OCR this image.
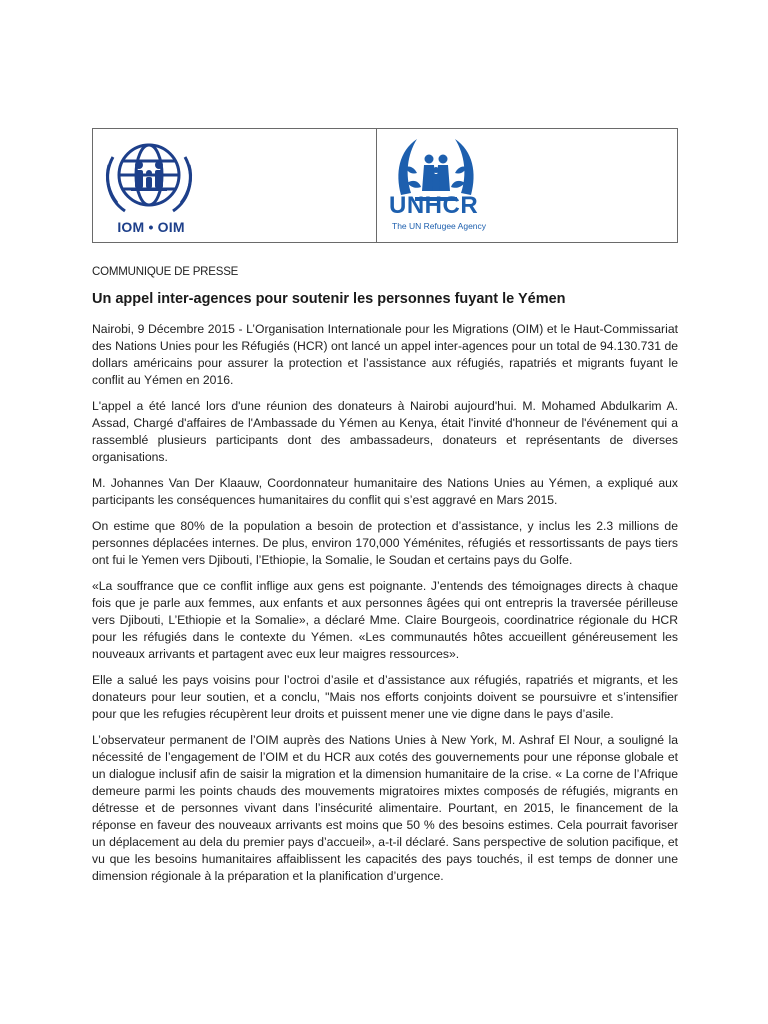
IOM • OIM
UNHCR
The UN Refugee Agency
COMMUNIQUE DE PRESSE
Un appel inter-agences pour soutenir les personnes fuyant le Yémen

Nairobi, 9 Décembre 2015 - L’Organisation Internationale pour les Migrations (OIM) et le Haut-Commissariat des Nations Unies pour les Réfugiés (HCR) ont lancé un appel inter-agences pour un total de 94.130.731 de dollars américains pour assurer la protection et l’assistance aux réfugiés, rapatriés et migrants fuyant le conflit au Yémen en 2016.

L'appel a été lancé lors d'une réunion des donateurs à Nairobi aujourd'hui. M. Mohamed Abdulkarim A. Assad, Chargé d'affaires de l'Ambassade du Yémen au Kenya, était l'invité d'honneur de l'événement qui a rassemblé plusieurs participants dont des ambassadeurs, donateurs et représentants de diverses organisations.

M. Johannes Van Der Klaauw, Coordonnateur humanitaire des Nations Unies au Yémen, a expliqué aux participants les conséquences humanitaires du conflit qui s’est aggravé en Mars 2015.

On estime que 80% de la population a besoin de protection et d’assistance, y inclus les 2.3 millions de personnes déplacées internes. De plus, environ 170,000 Yéménites, réfugiés et ressortissants de pays tiers ont fui le Yemen vers Djibouti, l’Ethiopie, la Somalie, le Soudan et certains pays du Golfe.

«La souffrance que ce conflit inflige aux gens est poignante. J’entends des témoignages directs à chaque fois que je parle aux femmes, aux enfants et aux personnes âgées qui ont entrepris la traversée périlleuse vers Djibouti, L’Ethiopie et la Somalie», a déclaré Mme. Claire Bourgeois, coordinatrice régionale du HCR pour les réfugiés dans le contexte du Yémen. «Les communautés hôtes accueillent généreusement les nouveaux arrivants et partagent avec eux leur maigres ressources».

Elle a salué les pays voisins pour l’octroi d’asile et d’assistance aux réfugiés, rapatriés et migrants, et les donateurs pour leur soutien, et a conclu, "Mais nos efforts conjoints doivent se poursuivre et s’intensifier pour que les refugies récupèrent leur droits et puissent mener une vie digne dans le pays d’asile.

L’observateur permanent de l’OIM auprès des Nations Unies à New York, M. Ashraf El Nour, a souligné la nécessité de l’engagement de l’OIM et du HCR aux cotés des gouvernements pour une réponse globale et un dialogue inclusif afin de saisir la migration et la dimension humanitaire de la crise. « La corne de l’Afrique demeure parmi les points chauds des mouvements migratoires mixtes composés de réfugiés, migrants en détresse et de personnes vivant dans l’insécurité alimentaire. Pourtant, en 2015, le financement de la réponse en faveur des nouveaux arrivants est moins que 50 % des besoins estimes. Cela pourrait favoriser un déplacement au dela du premier pays d’accueil», a-t-il déclaré. Sans perspective de solution pacifique, et vu que les besoins humanitaires affaiblissent les capacités des pays touchés, il est temps de donner une dimension régionale à la préparation et la planification d’urgence.
